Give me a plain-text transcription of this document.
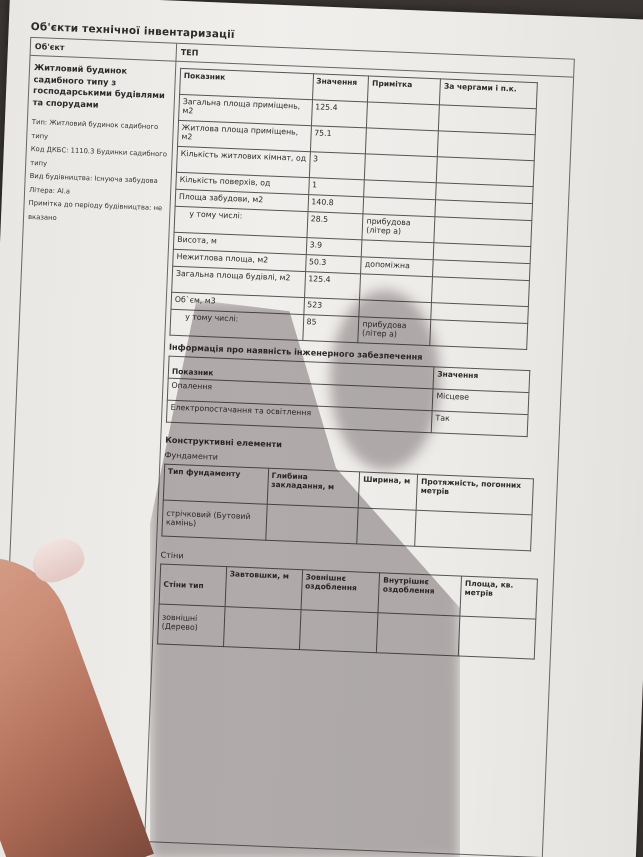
Об'єкти технічної інвентаризації
Об'єкт
ТЕП
Житловий будинок садибного типу з господарськими будівлями та спорудами
Тип: Житловий будинок садибного типу
Код ДКБС: 1110.3 Будинки садибного типу
Вид будівництва: Існуюча забудова
Літера: Al.a
Примітка до періоду будівництва: не вказано
Показник	Значення	Примітка	За чергами і п.к.
Загальна площа приміщень, м2	125.4		
Житлова площа приміщень, м2	75.1		
Кількість житлових кімнат, од	3		
Кількість поверхів, од	1		
Площа забудови, м2	140.8		
у тому числі:	28.5	прибудова (літер а)	
Висота, м	3.9		
Нежитлова площа, м2	50.3	допоміжна	
Загальна площа будівлі, м2	125.4		
Об`єм, м3	523		
у тому числі:	85	прибудова (літер а)	
Інформація про наявність інженерного забезпечення
Показник	Значення
Опалення	Місцеве
Електропостачання та освітлення	Так
Конструктивні елементи
Фундаменти
Тип фундаменту	Глибина закладання, м	Ширина, м	Протяжність, погонних метрів
стрічковий (Бутовий камінь)			
Стіни
Стіни тип	Завтовшки, м	Зовнішнє оздоблення	Внутрішнє оздоблення	Площа, кв. метрів
зовнішні (Дерево)				
